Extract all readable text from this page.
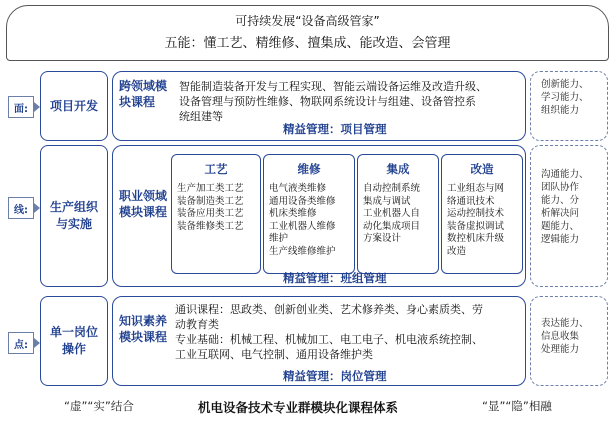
可持续发展“设备高级管家”
五能：懂工艺、精维修、擅集成、能改造、会管理
面:	项目开发
线:	生产组织与实施
点:
单一岗位操作
跨领域模块课程
智能制造装备开发与工程实现、智能云端设备运维及改造升级、
设备管理与预防性维修、物联网系统设计与组建、设备管控系
统组建等
精益管理：项目管理
职业领域模块课程
工艺
生产加工类工艺
装备制造类工艺
装备应用类工艺
装备维修类工艺
维修
电气液类维修
通用设备类维修
机床类维修
工业机器人维修
维护
生产线维修维护
集成
自动控制系统
集成与调试
工业机器人自
动化集成项目
方案设计
改造
工业组态与网
络通讯技术
运动控制技术
装备虚拟调试
数控机床升级
改造
精益管理：班组管理
知识素养模块课程
通识课程：思政类、创新创业类、艺术修养类、身心素质类、劳
动教育类
专业基础：机械工程、机械加工、电工电子、机电液系统控制、
工业互联网、电气控制、通用设备维护类
精益管理：岗位管理
创新能力、
学习能力、
组织能力
沟通能力、
团队协作
能力、分
析解决问
题能力、
逻辑能力
表达能力、
信息收集
处理能力
“虚”“实”结合	机电设备技术专业群模块化课程体系	“显”“隐”相融
